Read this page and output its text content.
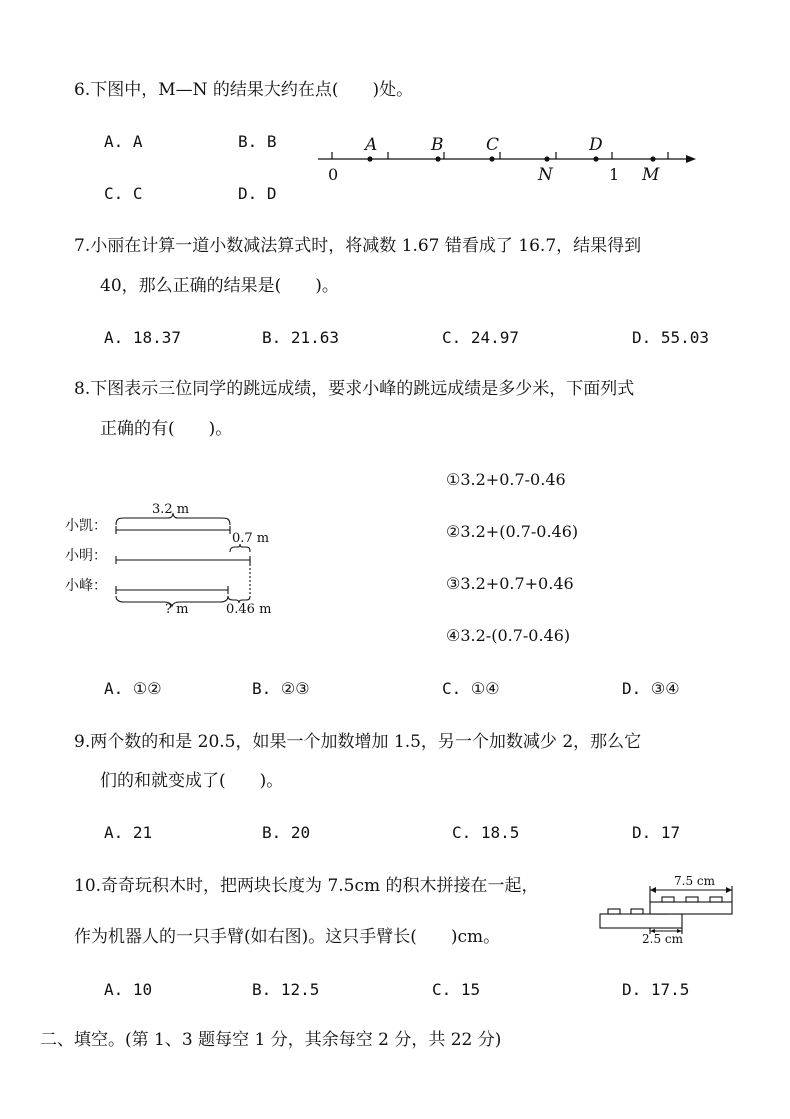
6.下图中，M—N 的结果大约在点(　　)处。
A. A	B. B
C. C	D. D
A	B	C	D
0	N	1 M
7.小丽在计算一道小数减法算式时，将减数 1.67 错看成了 16.7，结果得到
40，那么正确的结果是(　　)。
A. 18.37	B. 21.63	C. 24.97	D. 55.03
8.下图表示三位同学的跳远成绩，要求小峰的跳远成绩是多少米，下面列式
正确的有(　　)。
小凯：
小明：
小峰：
3.2 m
0.7 m
? m	0.46 m
①3.2+0.7-0.46
②3.2+(0.7-0.46)
③3.2+0.7+0.46
④3.2-(0.7-0.46)
A. ①②	B. ②③	C. ①④	D. ③④
9.两个数的和是 20.5，如果一个加数增加 1.5，另一个加数减少 2，那么它
们的和就变成了(　　)。
A. 21	B. 20	C. 18.5	D. 17
10.奇奇玩积木时，把两块长度为 7.5cm 的积木拼接在一起，
作为机器人的一只手臂(如右图)。这只手臂长(　　)cm。
7.5 cm
2.5 cm
A. 10	B. 12.5	C. 15	D. 17.5
二、填空。(第 1、3 题每空 1 分，其余每空 2 分，共 22 分)
